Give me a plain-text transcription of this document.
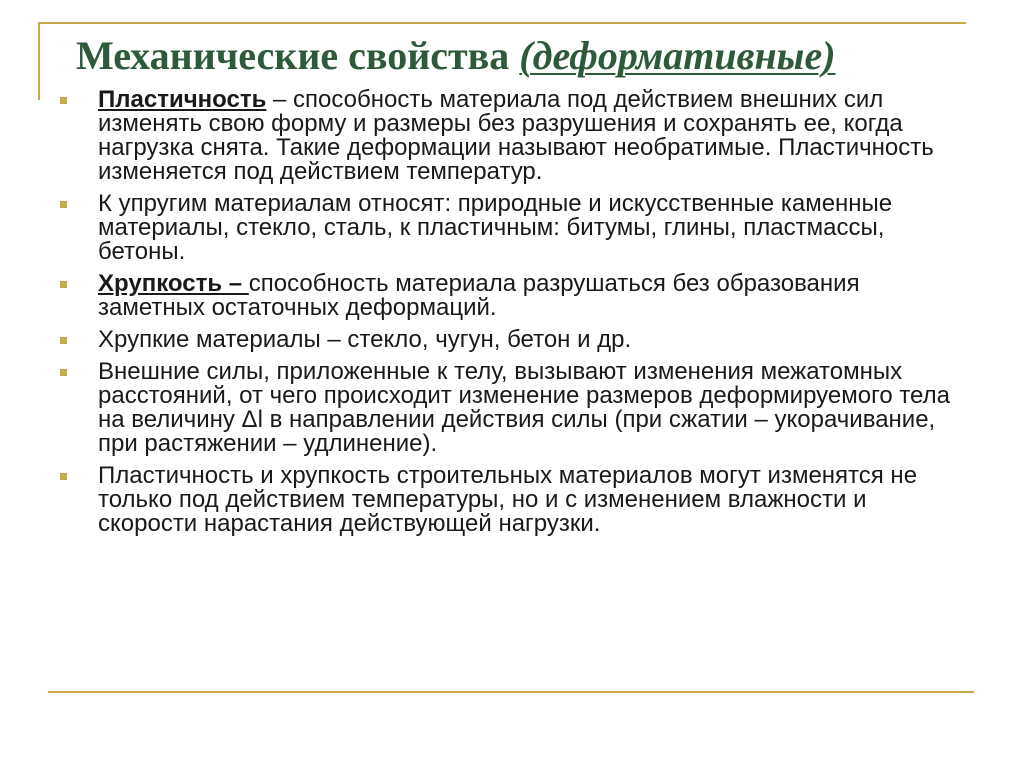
Механические свойства (деформативные)
Пластичность – способность материала под действием внешних сил изменять свою форму и размеры без разрушения и сохранять ее, когда нагрузка снята. Такие деформации называют необратимые. Пластичность изменяется под действием температур.
К упругим материалам относят: природные и искусственные каменные материалы, стекло, сталь, к пластичным: битумы, глины, пластмассы, бетоны.
Хрупкость – способность материала разрушаться без образования заметных остаточных деформаций.
Хрупкие материалы – стекло, чугун, бетон и др.
Внешние силы, приложенные к телу, вызывают изменения межатомных расстояний, от чего происходит изменение размеров деформируемого тела на величину Δl в направлении действия силы (при сжатии – укорачивание, при растяжении – удлинение).
Пластичность и хрупкость строительных материалов могут изменятся не только под действием температуры, но и с изменением влажности и скорости нарастания действующей нагрузки.
